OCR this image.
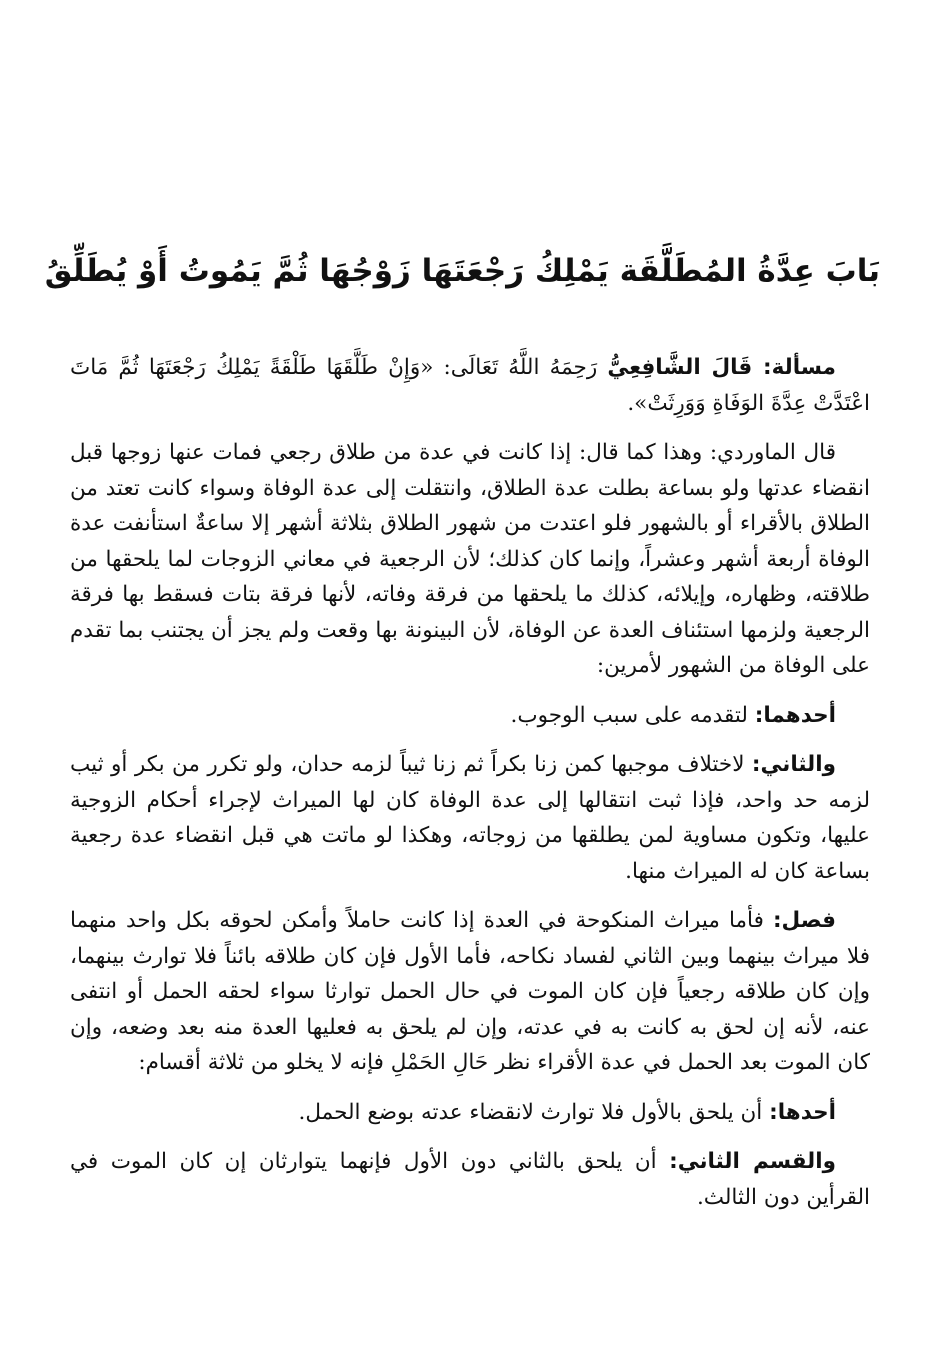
بَابَ عِدَّةُ المُطَلَّقَة يَمْلِكُ رَجْعَتَهَا زَوْجُهَا ثُمَّ يَمُوتُ أَوْ يُطَلِّقُ

مسألة: قَالَ الشَّافِعِيُّ رَحِمَهُ اللَّهُ تَعَالَى: «وَإِنْ طَلَّقَهَا طَلْقَةً يَمْلِكُ رَجْعَتَهَا ثُمَّ مَاتَ اعْتَدَّتْ عِدَّةَ الوَفَاةِ وَوَرِثَتْ».

قال الماوردي: وهذا كما قال: إذا كانت في عدة من طلاق رجعي فمات عنها زوجها قبل انقضاء عدتها ولو بساعة بطلت عدة الطلاق، وانتقلت إلى عدة الوفاة وسواء كانت تعتد من الطلاق بالأقراء أو بالشهور فلو اعتدت من شهور الطلاق بثلاثة أشهر إلا ساعةٌ استأنفت عدة الوفاة أربعة أشهر وعشراً، وإنما كان كذلك؛ لأن الرجعية في معاني الزوجات لما يلحقها من طلاقته، وظهاره، وإيلائه، كذلك ما يلحقها من فرقة وفاته، لأنها فرقة بتات فسقط بها فرقة الرجعية ولزمها استئناف العدة عن الوفاة، لأن البينونة بها وقعت ولم يجز أن يجتنب بما تقدم على الوفاة من الشهور لأمرين:

أحدهما: لتقدمه على سبب الوجوب.

والثاني: لاختلاف موجبها كمن زنا بكراً ثم زنا ثيباً لزمه حدان، ولو تكرر من بكر أو ثيب لزمه حد واحد، فإذا ثبت انتقالها إلى عدة الوفاة كان لها الميراث لإجراء أحكام الزوجية عليها، وتكون مساوية لمن يطلقها من زوجاته، وهكذا لو ماتت هي قبل انقضاء عدة رجعية بساعة كان له الميراث منها.

فصل: فأما ميراث المنكوحة في العدة إذا كانت حاملاً وأمكن لحوقه بكل واحد منهما فلا ميراث بينهما وبين الثاني لفساد نكاحه، فأما الأول فإن كان طلاقه بائناً فلا توارث بينهما، وإن كان طلاقه رجعياً فإن كان الموت في حال الحمل توارثا سواء لحقه الحمل أو انتفى عنه، لأنه إن لحق به كانت به في عدته، وإن لم يلحق به فعليها العدة منه بعد وضعه، وإن كان الموت بعد الحمل في عدة الأقراء نظر حَالِ الحَمْلِ فإنه لا يخلو من ثلاثة أقسام:

أحدها: أن يلحق بالأول فلا توارث لانقضاء عدته بوضع الحمل.

والقسم الثاني: أن يلحق بالثاني دون الأول فإنهما يتوارثان إن كان الموت في القرأين دون الثالث.
